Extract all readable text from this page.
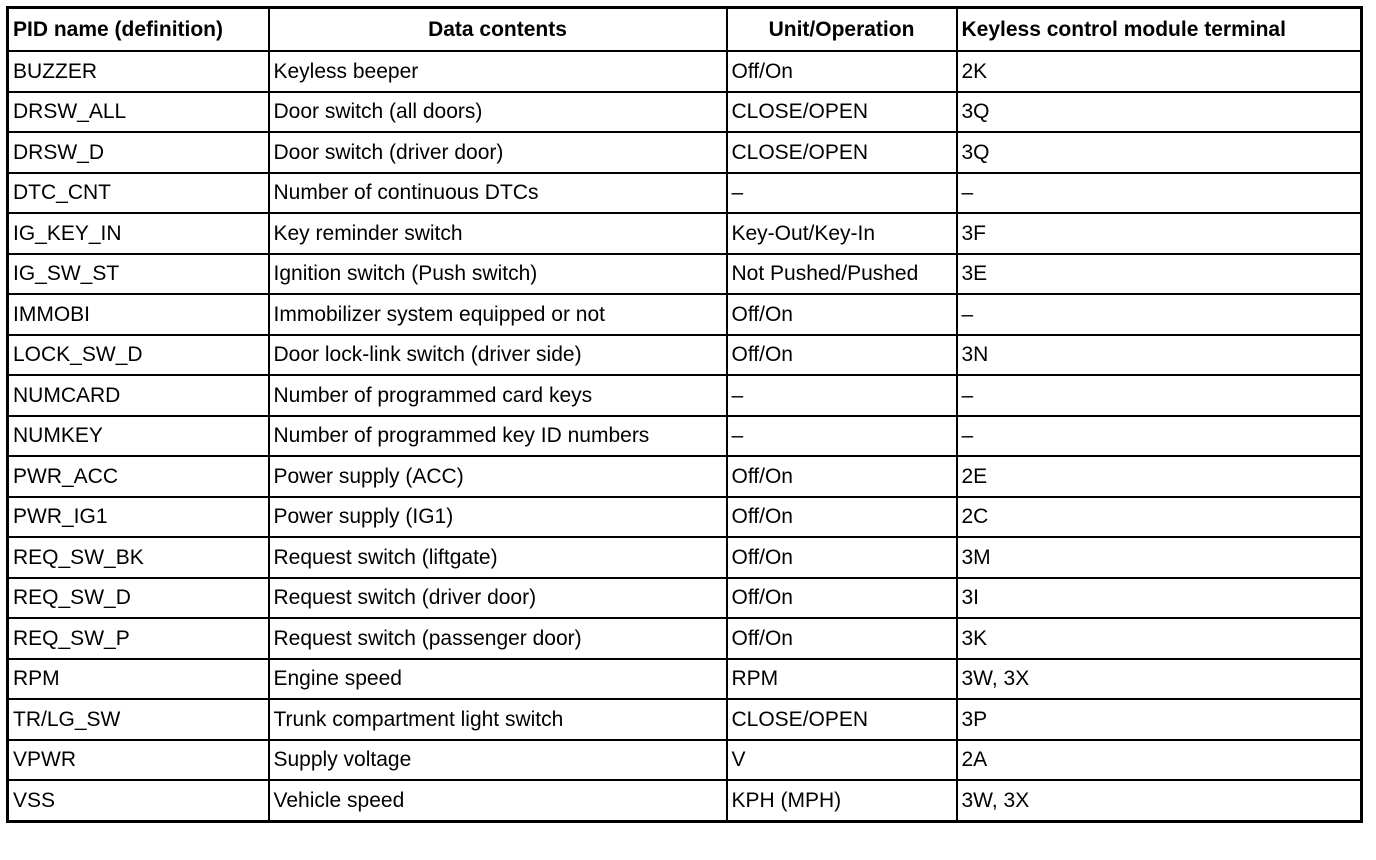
PID name (definition)	Data contents	Unit/Operation	Keyless control module terminal
BUZZER	Keyless beeper	Off/On	2K
DRSW_ALL	Door switch (all doors)	CLOSE/OPEN	3Q
DRSW_D	Door switch (driver door)	CLOSE/OPEN	3Q
DTC_CNT	Number of continuous DTCs	–	–
IG_KEY_IN	Key reminder switch	Key-Out/Key-In	3F
IG_SW_ST	Ignition switch (Push switch)	Not Pushed/Pushed	3E
IMMOBI	Immobilizer system equipped or not	Off/On	–
LOCK_SW_D	Door lock-link switch (driver side)	Off/On	3N
NUMCARD	Number of programmed card keys	–	–
NUMKEY	Number of programmed key ID numbers	–	–
PWR_ACC	Power supply (ACC)	Off/On	2E
PWR_IG1	Power supply (IG1)	Off/On	2C
REQ_SW_BK	Request switch (liftgate)	Off/On	3M
REQ_SW_D	Request switch (driver door)	Off/On	3I
REQ_SW_P	Request switch (passenger door)	Off/On	3K
RPM	Engine speed	RPM	3W, 3X
TR/LG_SW	Trunk compartment light switch	CLOSE/OPEN	3P
VPWR	Supply voltage	V	2A
VSS	Vehicle speed	KPH (MPH)	3W, 3X
